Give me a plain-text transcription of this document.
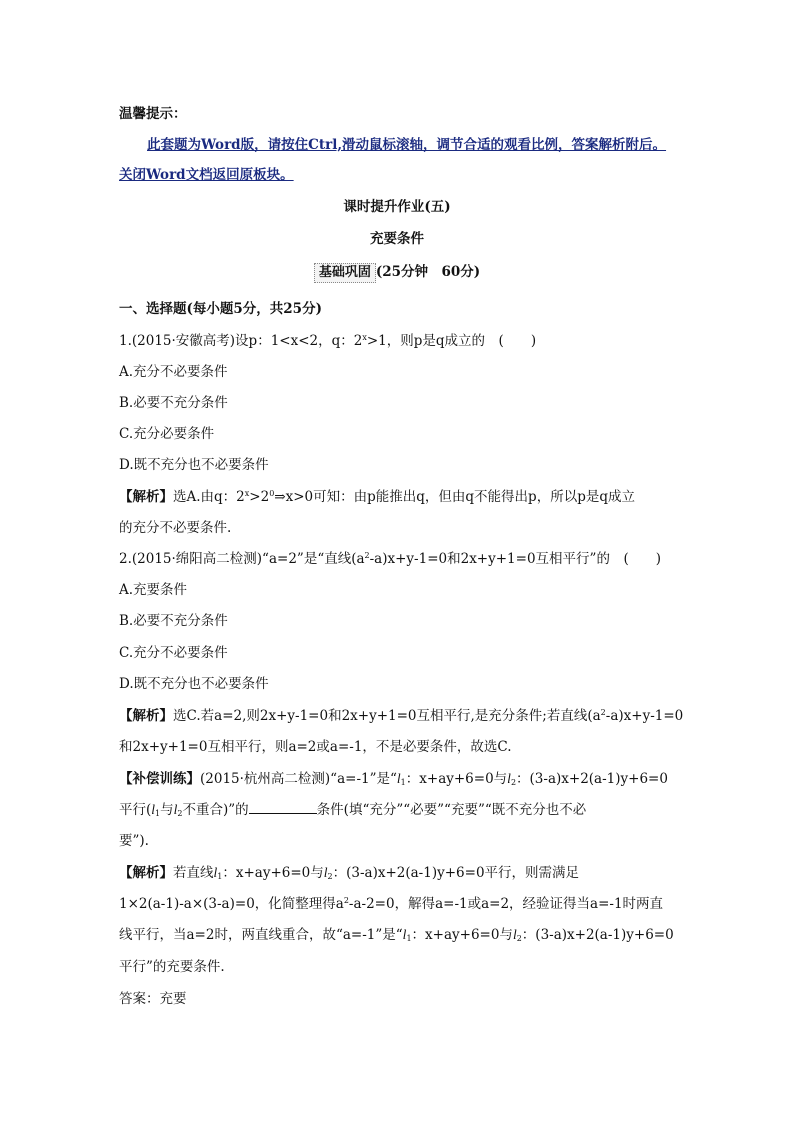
温馨提示：
此套题为Word版，请按住Ctrl,滑动鼠标滚轴，调节合适的观看比例，答案解析附后。
关闭Word文档返回原板块。
课时提升作业(五)
充要条件
基础巩固 (25分钟　60分)
一、选择题(每小题5分，共25分)
1.(2015·安徽高考)设p：1<x<2，q：$2^x>1$，则p是q成立的　(　　)
A.充分不必要条件
B.必要不充分条件
C.充分必要条件
D.既不充分也不必要条件
【解析】选A.由q：$2^x>2^0\Rightarrow x>0$可知：由p能推出q，但由q不能得出p，所以p是q成立
的充分不必要条件.
2.(2015·绵阳高二检测)“a=2”是“直线$(a^2-a)x+y-1=0$和2x+y+1=0互相平行”的　(　　)
A.充要条件
B.必要不充分条件
C.充分不必要条件
D.既不充分也不必要条件
【解析】选C.若a=2,则2x+y-1=0和2x+y+1=0互相平行,是充分条件;若直线$(a^2-a)x+y-1=0$
和2x+y+1=0互相平行，则a=2或a=-1，不是必要条件，故选C.
【补偿训练】(2015·杭州高二检测)“a=-1”是“$l_1$：x+ay+6=0与$l_2$：(3-a)x+2(a-1)y+6=0
平行($l_1$与$l_2$不重合)”的	条件(填“充分”“必要”“充要”“既不充分也不必
要”).
【解析】若直线$l_1$：x+ay+6=0与$l_2$：(3-a)x+2(a-1)y+6=0平行，则需满足
1×2(a-1)-a×(3-a)=0，化简整理得$a^2-a-2=0$，解得a=-1或a=2，经验证得当a=-1时两直
线平行，当a=2时，两直线重合，故“a=-1”是“$l_1$：x+ay+6=0与$l_2$：(3-a)x+2(a-1)y+6=0
平行”的充要条件.
答案：充要
